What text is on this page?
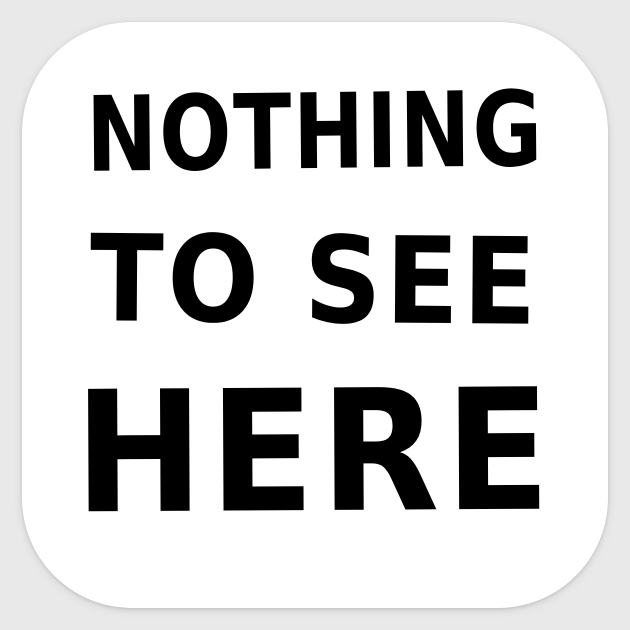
NOTHING
TO SEE
HERE
